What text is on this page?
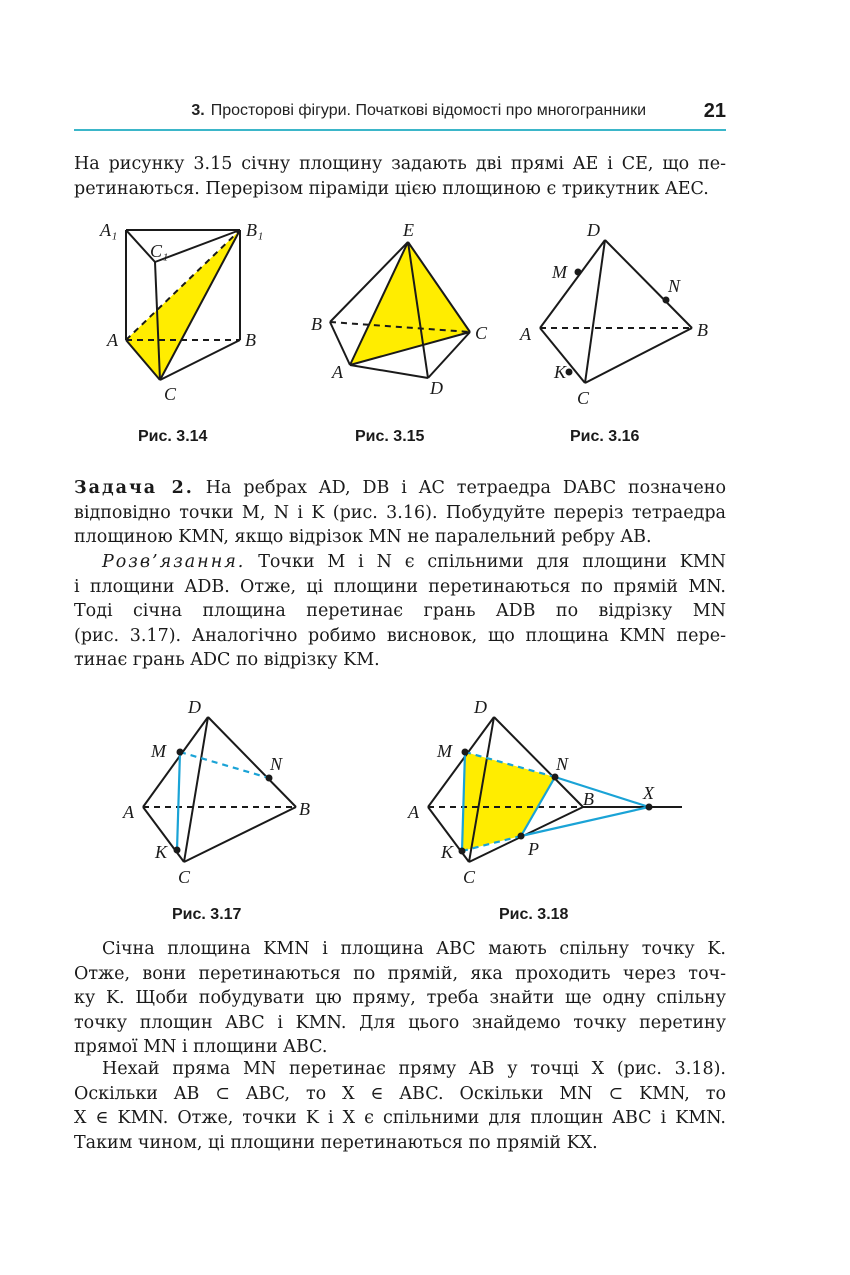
3. Просторові фігури. Початкові відомості про многогранники	21
На рисунку 3.15 січну площину задають дві прямі AE і CE, що пе-
ретинаються. Перерізом піраміди цією площиною є трикутник AEC.
A₁	B₁
C₁
A	B
C
Рис. 3.14
E
B	C
A
D
Рис. 3.15
D
M
N
A	B
K
C
Рис. 3.16
D
M
N
A	B
K
C
Рис. 3.17
D
M
N
A
B	X
K	P
C
Рис. 3.18
Задача 2. На ребрах AD, DB і AC тетраедра DABC позначено
відповідно точки M, N і K (рис. 3.16). Побудуйте переріз тетраедра
площиною KMN, якщо відрізок MN не паралельний ребру AB.
Розв’язання. Точки M і N є спільними для площини KMN
і площини ADB. Отже, ці площини перетинаються по прямій MN.
Тоді січна площина перетинає грань ADB по відрізку MN
(рис. 3.17). Аналогічно робимо висновок, що площина KMN пере-
тинає грань ADC по відрізку KM.
Січна площина KMN і площина ABC мають спільну точку K.
Отже, вони перетинаються по прямій, яка проходить через точ-
ку K. Щоби побудувати цю пряму, треба знайти ще одну спільну
точку площин ABC і KMN. Для цього знайдемо точку перетину
прямої MN і площини ABC.
Нехай пряма MN перетинає пряму AB у точці X (рис. 3.18).
Оскільки AB ⊂ ABC, то X ∈ ABC. Оскільки MN ⊂ KMN, то
X ∈ KMN. Отже, точки K і X є спільними для площин ABC і KMN.
Таким чином, ці площини перетинаються по прямій KX.
